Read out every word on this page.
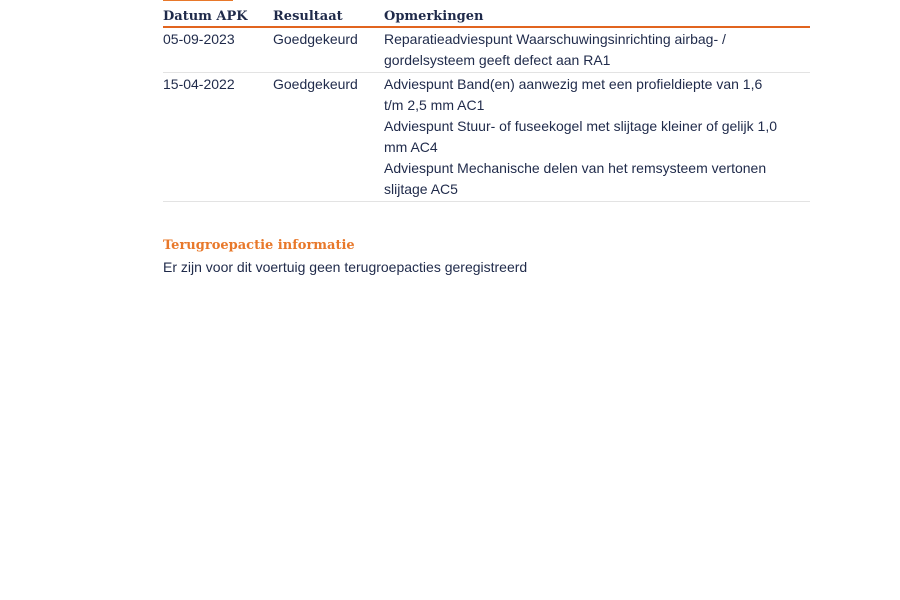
Datum APK	Resultaat	Opmerkingen
05-09-2023	Goedgekeurd	Reparatieadviespunt Waarschuwingsinrichting airbag- / gordelsysteem geeft defect aan RA1

15-04-2022	Goedgekeurd	Adviespunt Band(en) aanwezig met een profieldiepte van 1,6 t/m 2,5 mm AC1
Adviespunt Stuur- of fuseekogel met slijtage kleiner of gelijk 1,0 mm AC4
Adviespunt Mechanische delen van het remsysteem vertonen slijtage AC5
Terugroepactie informatie
Er zijn voor dit voertuig geen terugroepacties geregistreerd
